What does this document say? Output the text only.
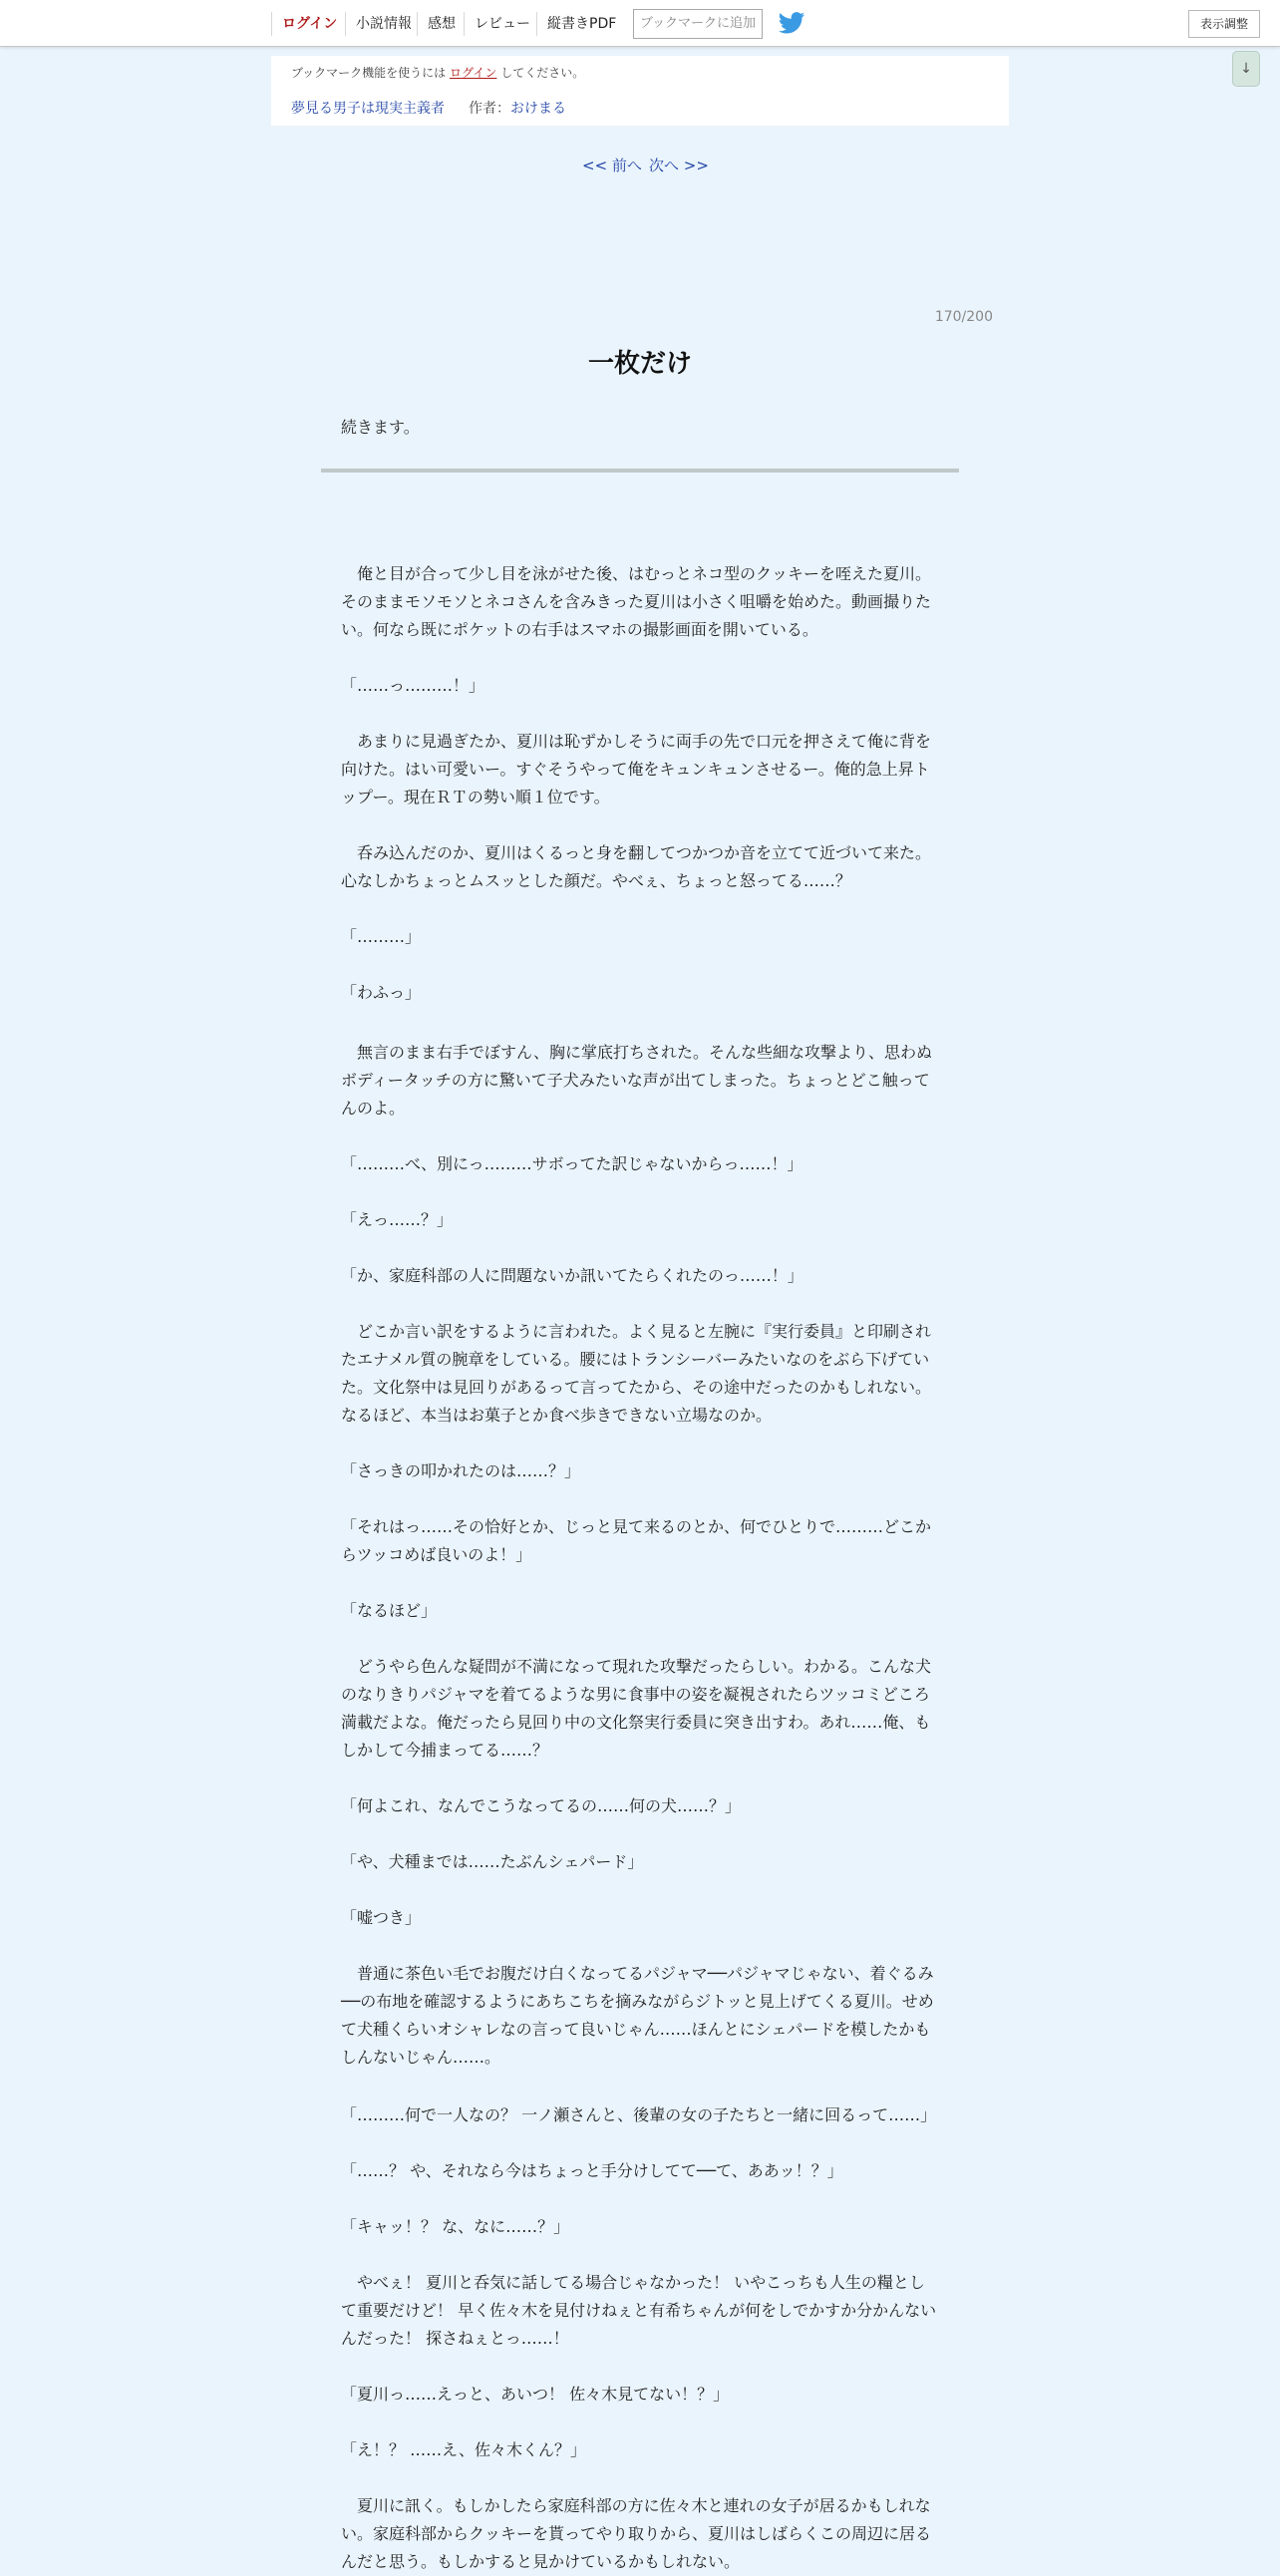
ログイン	小説情報	感想	レビュー	縦書きPDF	ブックマークに追加	表示調整
↓
ブックマーク機能を使うには ログイン してください。
夢見る男子は現実主義者 作者：おけまる
<< 前へ 次へ >>
170/200
一枚だけ
続きます。
　俺と目が合って少し目を泳がせた後、はむっとネコ型のクッキーを咥えた夏川。そのままモソモソとネコさんを含みきった夏川は小さく咀嚼を始めた。動画撮りたい。何なら既にポケットの右手はスマホの撮影画面を開いている。
「……っ………！」
　あまりに見過ぎたか、夏川は恥ずかしそうに両手の先で口元を押さえて俺に背を向けた。はい可愛いー。すぐそうやって俺をキュンキュンさせるー。俺的急上昇トップー。現在ＲＴの勢い順１位です。
　呑み込んだのか、夏川はくるっと身を翻してつかつか音を立てて近づいて来た。心なしかちょっとムスッとした顔だ。やべぇ、ちょっと怒ってる……？
「………」
「わふっ」
　無言のまま右手でぼすん、胸に掌底打ちされた。そんな些細な攻撃より、思わぬボディータッチの方に驚いて子犬みたいな声が出てしまった。ちょっとどこ触ってんのよ。
「………べ、別にっ………サボってた訳じゃないからっ……！」
「えっ……？」
「か、家庭科部の人に問題ないか訊いてたらくれたのっ……！」
　どこか言い訳をするように言われた。よく見ると左腕に『実行委員』と印刷されたエナメル質の腕章をしている。腰にはトランシーバーみたいなのをぶら下げていた。文化祭中は見回りがあるって言ってたから、その途中だったのかもしれない。なるほど、本当はお菓子とか食べ歩きできない立場なのか。
「さっきの叩かれたのは……？」
「それはっ……その恰好とか、じっと見て来るのとか、何でひとりで………どこからツッコめば良いのよ！」
「なるほど」
　どうやら色んな疑問が不満になって現れた攻撃だったらしい。わかる。こんな犬のなりきりパジャマを着てるような男に食事中の姿を凝視されたらツッコミどころ満載だよな。俺だったら見回り中の文化祭実行委員に突き出すわ。あれ……俺、もしかして今捕まってる……？
「何よこれ、なんでこうなってるの……何の犬……？」
「や、犬種までは……たぶんシェパード」
「嘘つき」
　普通に茶色い毛でお腹だけ白くなってるパジャマ──パジャマじゃない、着ぐるみ──の布地を確認するようにあちこちを摘みながらジトッと見上げてくる夏川。せめて犬種くらいオシャレなの言って良いじゃん……ほんとにシェパードを模したかもしんないじゃん……。
「………何で一人なの？ 一ノ瀬さんと、後輩の女の子たちと一緒に回るって……」
「……？ や、それなら今はちょっと手分けしてて──て、ああッ！？」
「キャッ！？ な、なに……？」
　やべぇ！ 夏川と呑気に話してる場合じゃなかった！ いやこっちも人生の糧として重要だけど！ 早く佐々木を見付けねぇと有希ちゃんが何をしでかすか分かんないんだった！ 探さねぇとっ……！
「夏川っ……えっと、あいつ！ 佐々木見てない！？」
「え！？ ……え、佐々木くん？」
　夏川に訊く。もしかしたら家庭科部の方に佐々木と連れの女子が居るかもしれない。家庭科部からクッキーを貰ってやり取りから、夏川はしばらくこの周辺に居るんだと思う。もしかすると見かけているかもしれない。
